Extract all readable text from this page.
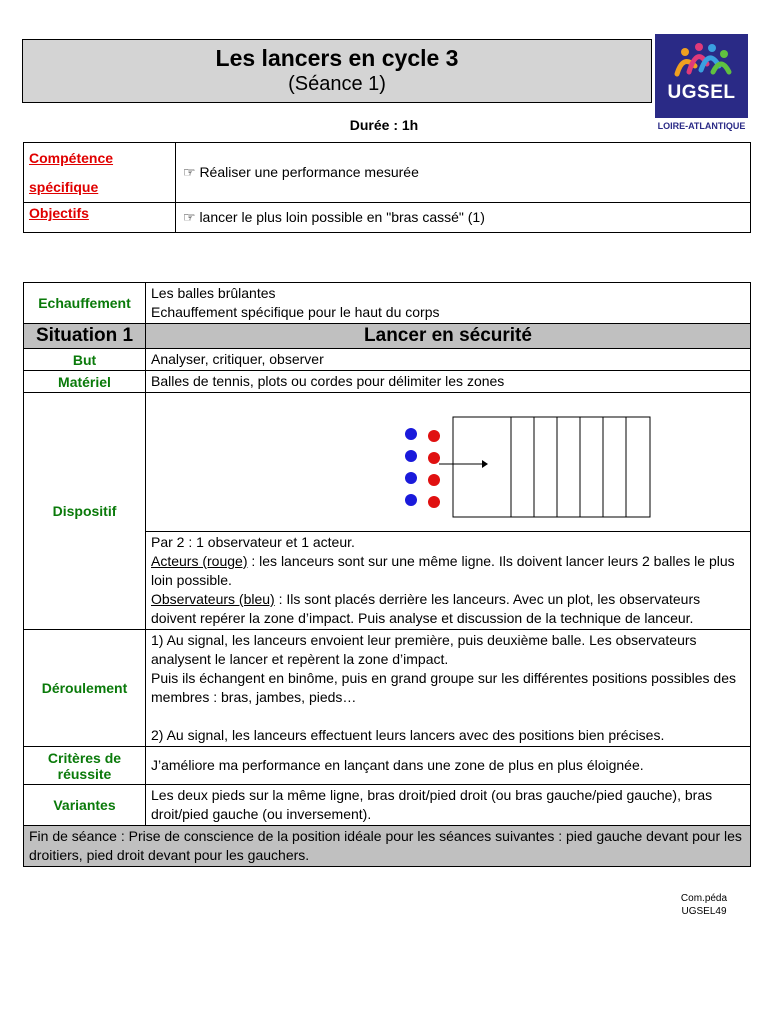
Les lancers en cycle 3
(Séance 1)	UGSEL
LOIRE-ATLANTIQUE
Durée : 1h
Compétence
spécifique	☞ Réaliser une performance mesurée

Objectifs	☞ lancer le plus loin possible en "bras cassé" (1)
Echauffement	Les balles brûlantes
Echauffement spécifique pour le haut du corps

Situation 1	Lancer en sécurité
But	Analyser, critiquer, observer
Matériel	Balles de tennis, plots ou cordes pour délimiter les zones
Dispositif	

	Par 2 : 1 observateur et 1 acteur.
Acteurs (rouge) : les lanceurs sont sur une même ligne. Ils doivent lancer leurs 2 balles le plus loin possible.
Observateurs (bleu) : Ils sont placés derrière les lanceurs. Avec un plot, les observateurs doivent repérer la zone d’impact. Puis analyse et discussion de la technique de lanceur.

Déroulement	1) Au signal, les lanceurs envoient leur première, puis deuxième balle. Les observateurs analysent le lancer et repèrent la zone d’impact.
Puis ils échangent en binôme, puis en grand groupe sur les différentes positions possibles des membres : bras, jambes, pieds…
2) Au signal, les lanceurs effectuent leurs lancers avec des positions bien précises.

Critères de
réussite	J’améliore ma performance en lançant dans une zone de plus en plus éloignée.
Variantes	Les deux pieds sur la même ligne, bras droit/pied droit (ou bras gauche/pied gauche), bras droit/pied gauche (ou inversement).
Fin de séance : Prise de conscience de la position idéale pour les séances suivantes : pied gauche devant pour les droitiers, pied droit devant pour les gauchers.	
Com.péda
UGSEL49
